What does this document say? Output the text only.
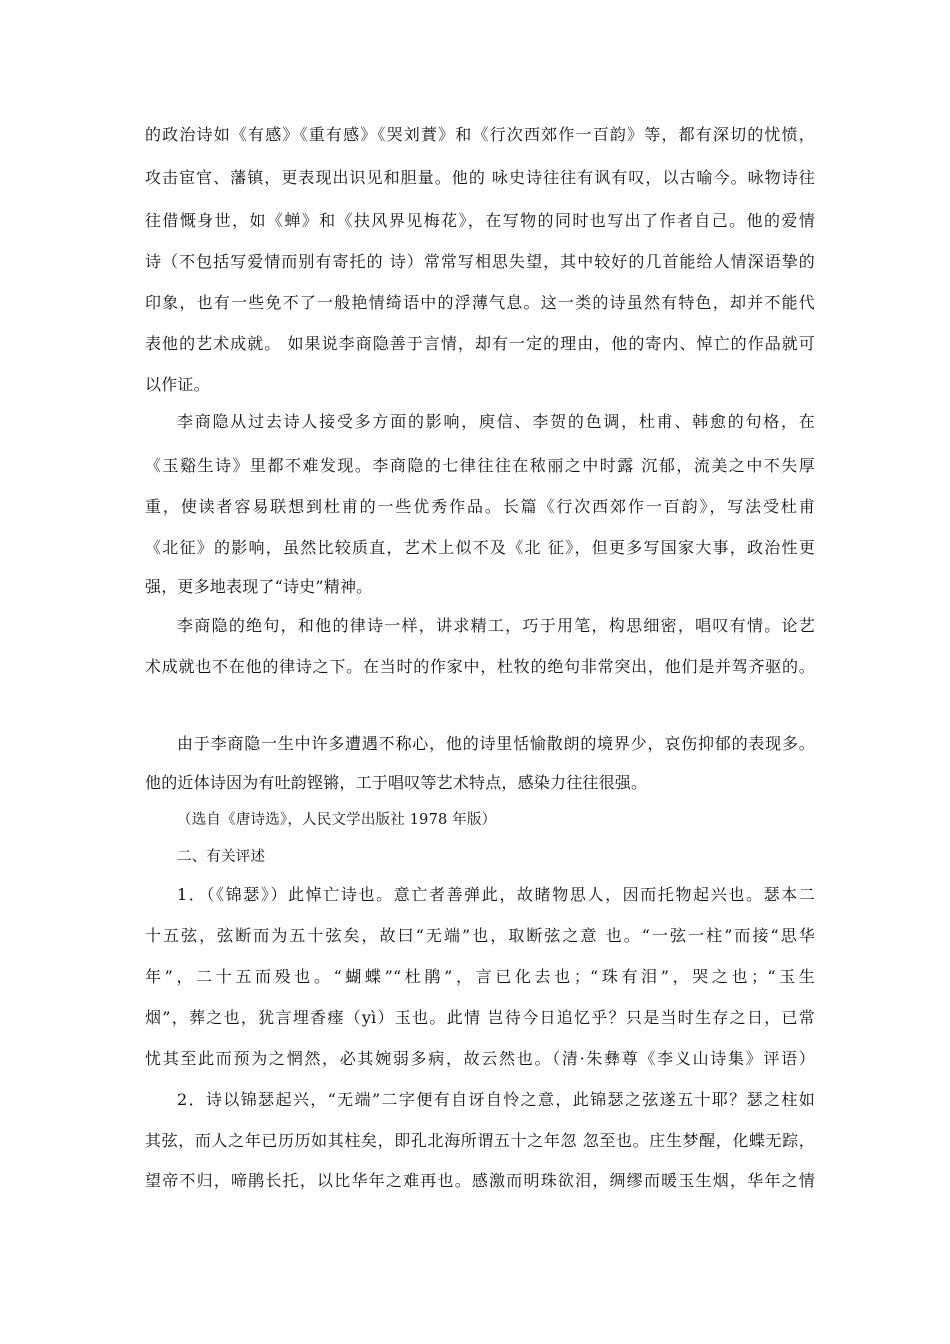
的政治诗如《有感》《重有感》《哭刘蕡》和《行次西郊作一百韵》等，都有深切的忧愤，
攻击宦官、藩镇，更表现出识见和胆量。他的 咏史诗往往有讽有叹，以古喻今。咏物诗往
往借慨身世，如《蝉》和《扶风界见梅花》，在写物的同时也写出了作者自己。他的爱情
诗（不包括写爱情而别有寄托的 诗）常常写相思失望，其中较好的几首能给人情深语挚的
印象，也有一些免不了一般艳情绮语中的浮薄气息。这一类的诗虽然有特色，却并不能代
表他的艺术成就。 如果说李商隐善于言情，却有一定的理由，他的寄内、悼亡的作品就可
以作证。
李商隐从过去诗人接受多方面的影响，庾信、李贺的色调，杜甫、韩愈的句格，在
《玉谿生诗》里都不难发现。李商隐的七律往往在秾丽之中时露 沉郁，流美之中不失厚
重，使读者容易联想到杜甫的一些优秀作品。长篇《行次西郊作一百韵》，写法受杜甫
《北征》的影响，虽然比较质直，艺术上似不及《北 征》，但更多写国家大事，政治性更
强，更多地表现了“诗史”精神。
李商隐的绝句，和他的律诗一样，讲求精工，巧于用笔，构思细密，唱叹有情。论艺
术成就也不在他的律诗之下。在当时的作家中，杜牧的绝句非常突出，他们是并驾齐驱的。
由于李商隐一生中许多遭遇不称心，他的诗里恬愉散朗的境界少，哀伤抑郁的表现多。
他的近体诗因为有吐韵铿锵，工于唱叹等艺术特点，感染力往往很强。
（选自《唐诗选》，人民文学出版社 1978 年版）
二、有关评述
1．（《锦瑟》）此悼亡诗也。意亡者善弹此，故睹物思人，因而托物起兴也。瑟本二
十五弦，弦断而为五十弦矣，故曰“无端”也，取断弦之意 也。“一弦一柱”而接“思华
年”，二十五而殁也。“蝴蝶”“杜鹃”，言已化去也；“珠有泪”，哭之也；“玉生
烟”，葬之也，犹言埋香瘗（yì）玉也。此情 岂待今日追忆乎？只是当时生存之日，已常
忧其至此而预为之惘然，必其婉弱多病，故云然也。（清·朱彝尊《李义山诗集》评语）
2．诗以锦瑟起兴，“无端”二字便有自讶自怜之意，此锦瑟之弦遂五十耶？瑟之柱如
其弦，而人之年已历历如其柱矣，即孔北海所谓五十之年忽 忽至也。庄生梦醒，化蝶无踪，
望帝不归，啼鹃长托，以比华年之难再也。感激而明珠欲泪，绸缪而暖玉生烟，华年之情
